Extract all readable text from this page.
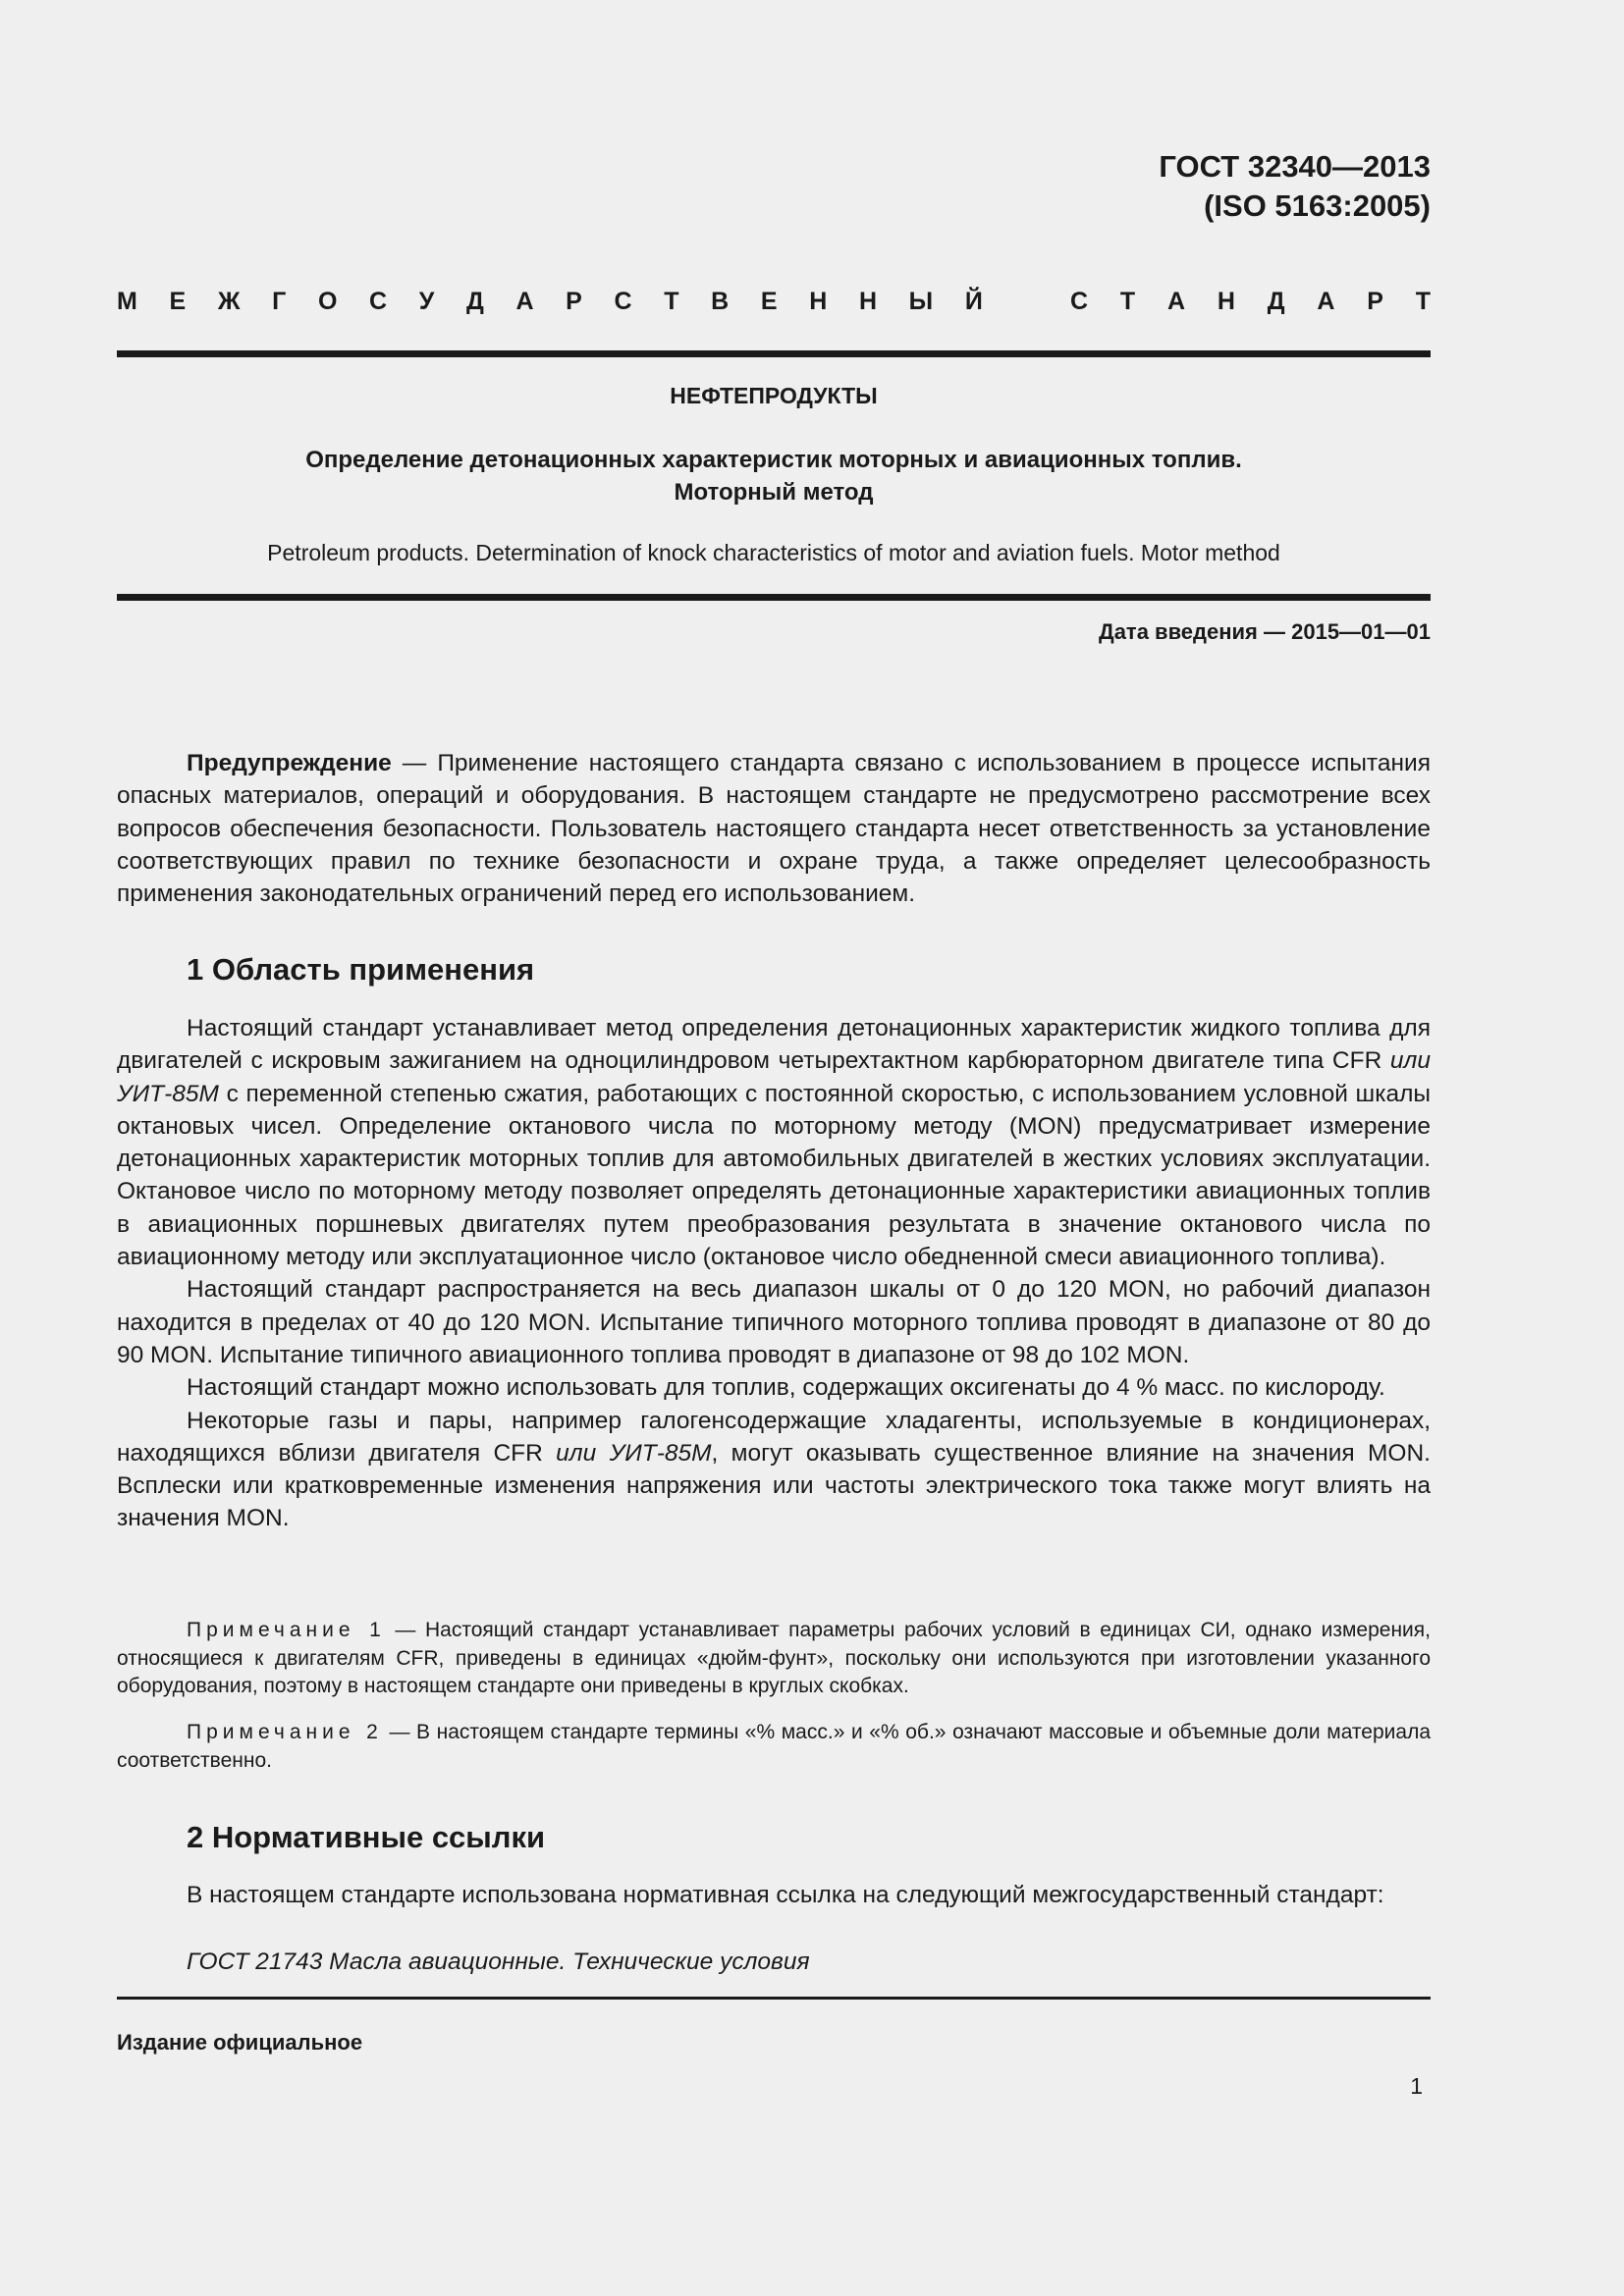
ГОСТ 32340—2013
(ISO 5163:2005)
М Е Ж Г О С У Д А Р С Т В Е Н Н Ы Й	С Т А Н Д А Р Т
НЕФТЕПРОДУКТЫ
Определение детонационных характеристик моторных и авиационных топлив.
Моторный метод
Petroleum products. Determination of knock characteristics of motor and aviation fuels. Motor method
Дата введения — 2015—01—01

Предупреждение — Применение настоящего стандарта связано с использованием в процессе испытания опасных материалов, операций и оборудования. В настоящем стандарте не предусмотрено рассмотрение всех вопросов обеспечения безопасности. Пользователь настоящего стандарта несет ответственность за установление соответствующих правил по технике безопасности и охране труда, а также определяет целесообразность применения законодательных ограничений перед его использованием.

1 Область применения

Настоящий стандарт устанавливает метод определения детонационных характеристик жидкого топлива для двигателей с искровым зажиганием на одноцилиндровом четырехтактном карбюраторном двигателе типа CFR или УИТ-85М с переменной степенью сжатия, работающих с постоянной скоростью, с использованием условной шкалы октановых чисел. Определение октанового числа по моторному методу (MON) предусматривает измерение детонационных характеристик моторных топлив для автомобильных двигателей в жестких условиях эксплуатации. Октановое число по моторному методу позволяет определять детонационные характеристики авиационных топлив в авиационных поршневых двигателях путем преобразования результата в значение октанового числа по авиационному методу или эксплуатационное число (октановое число обедненной смеси авиационного топлива).

Настоящий стандарт распространяется на весь диапазон шкалы от 0 до 120 MON, но рабочий диапазон находится в пределах от 40 до 120 MON. Испытание типичного моторного топлива проводят в диапазоне от 80 до 90 MON. Испытание типичного авиационного топлива проводят в диапазоне от 98 до 102 MON.

Настоящий стандарт можно использовать для топлив, содержащих оксигенаты до 4 % масс. по кислороду.

Некоторые газы и пары, например галогенсодержащие хладагенты, используемые в кондиционерах, находящихся вблизи двигателя CFR или УИТ-85М, могут оказывать существенное влияние на значения MON. Всплески или кратковременные изменения напряжения или частоты электрического тока также могут влиять на значения MON.

Примечание 1 — Настоящий стандарт устанавливает параметры рабочих условий в единицах СИ, однако измерения, относящиеся к двигателям CFR, приведены в единицах «дюйм-фунт», поскольку они используются при изготовлении указанного оборудования, поэтому в настоящем стандарте они приведены в круглых скобках.

Примечание 2 — В настоящем стандарте термины «% масс.» и «% об.» означают массовые и объемные доли материала соответственно.

2 Нормативные ссылки

В настоящем стандарте использована нормативная ссылка на следующий межгосударственный стандарт:

ГОСТ 21743 Масла авиационные. Технические условия
Издание официальное
1
